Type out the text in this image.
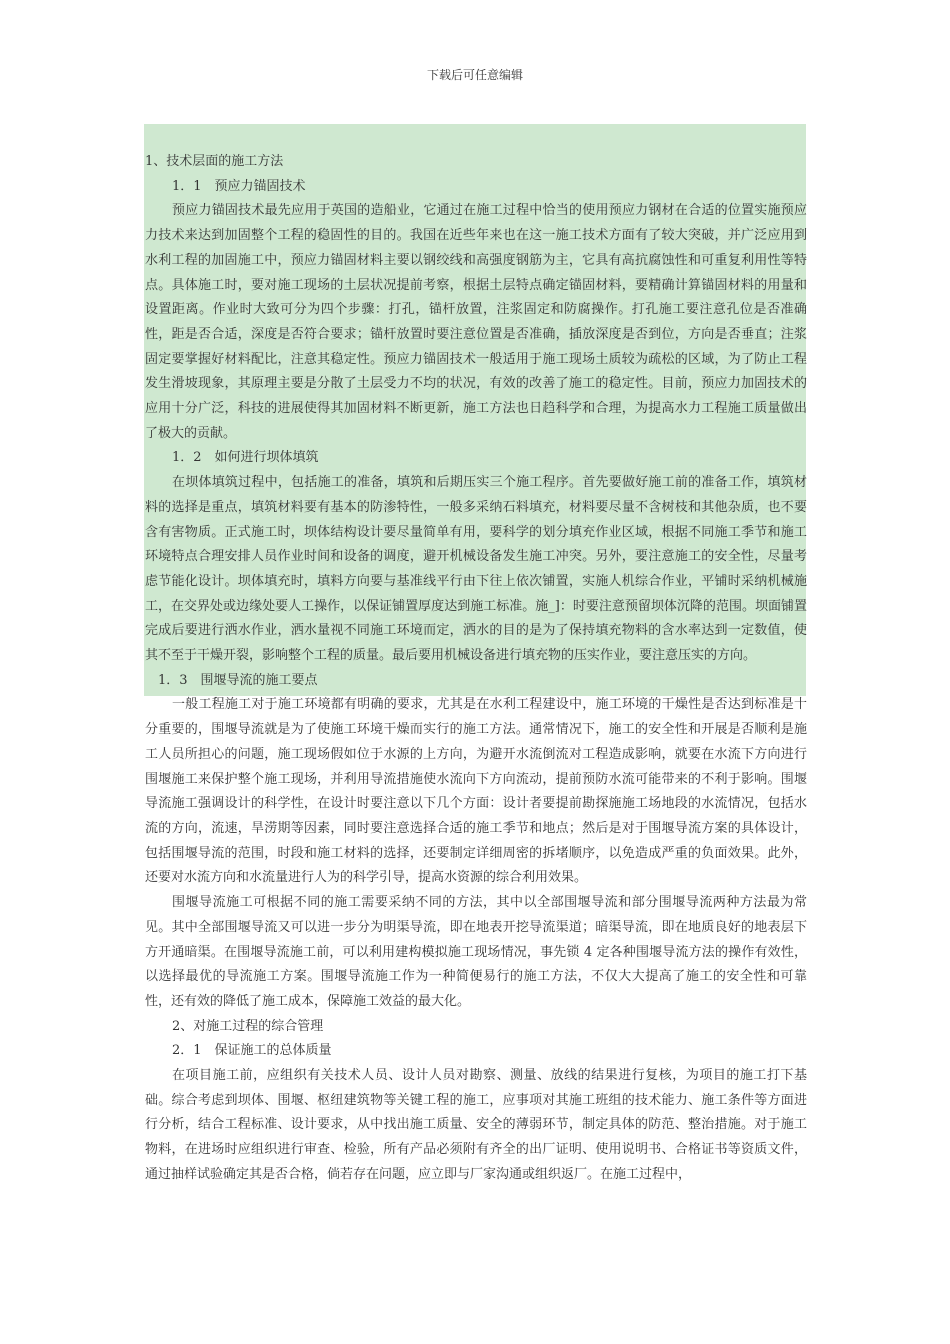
下载后可任意编辑

1、技术层面的施工方法

1．1　预应力锚固技术

预应力锚固技术最先应用于英国的造船业，它通过在施工过程中恰当的使用预应力钢材在合适的位置实施预应力技术来达到加固整个工程的稳固性的目的。我国在近些年来也在这一施工技术方面有了较大突破，并广泛应用到水利工程的加固施工中，预应力锚固材料主要以钢绞线和高强度钢筋为主，它具有高抗腐蚀性和可重复利用性等特点。具体施工时，要对施工现场的土层状况提前考察，根据土层特点确定锚固材料，要精确计算锚固材料的用量和设置距离。作业时大致可分为四个步骤：打孔，锚杆放置，注浆固定和防腐操作。打孔施工要注意孔位是否准确性，距是否合适，深度是否符合要求；锚杆放置时要注意位置是否准确，插放深度是否到位，方向是否垂直；注浆固定要掌握好材料配比，注意其稳定性。预应力锚固技术一般适用于施工现场土质较为疏松的区域，为了防止工程发生滑坡现象，其原理主要是分散了土层受力不均的状况，有效的改善了施工的稳定性。目前，预应力加固技术的应用十分广泛，科技的进展使得其加固材料不断更新，施工方法也日趋科学和合理，为提高水力工程施工质量做出了极大的贡献。

1．2　如何进行坝体填筑

在坝体填筑过程中，包括施工的准备，填筑和后期压实三个施工程序。首先要做好施工前的准备工作，填筑材料的选择是重点，填筑材料要有基本的防渗特性，一般多采纳石料填充，材料要尽量不含树枝和其他杂质，也不要含有害物质。正式施工时，坝体结构设计要尽量简单有用，要科学的划分填充作业区域，根据不同施工季节和施工环境特点合理安排人员作业时间和设备的调度，避开机械设备发生施工冲突。另外，要注意施工的安全性，尽量考虑节能化设计。坝体填充时，填料方向要与基准线平行由下往上依次铺置，实施人机综合作业，平铺时采纳机械施工，在交界处或边缘处要人工操作，以保证铺置厚度达到施工标准。施_]：时要注意预留坝体沉降的范围。坝面铺置完成后要进行洒水作业，洒水量视不同施工环境而定，洒水的目的是为了保持填充物料的含水率达到一定数值，使其不至于干燥开裂，影响整个工程的质量。最后要用机械设备进行填充物的压实作业，要注意压实的方向。

1．3　围堰导流的施工要点

一般工程施工对于施工环境都有明确的要求，尤其是在水利工程建设中，施工环境的干燥性是否达到标准是十分重要的，围堰导流就是为了使施工环境干燥而实行的施工方法。通常情况下，施工的安全性和开展是否顺利是施工人员所担心的问题，施工现场假如位于水源的上方向，为避开水流倒流对工程造成影响，就要在水流下方向进行围堰施工来保护整个施工现场，并利用导流措施使水流向下方向流动，提前预防水流可能带来的不利于影响。围堰导流施工强调设计的科学性，在设计时要注意以下几个方面：设计者要提前勘探施施工场地段的水流情况，包括水流的方向，流速，旱涝期等因素，同时要注意选择合适的施工季节和地点；然后是对于围堰导流方案的具体设计，包括围堰导流的范围，时段和施工材料的选择，还要制定详细周密的拆堵顺序，以免造成严重的负面效果。此外，还要对水流方向和水流量进行人为的科学引导，提高水资源的综合利用效果。

围堰导流施工可根据不同的施工需要采纳不同的方法，其中以全部围堰导流和部分围堰导流两种方法最为常见。其中全部围堰导流又可以进一步分为明渠导流，即在地表开挖导流渠道；暗渠导流，即在地质良好的地表层下方开通暗渠。在围堰导流施工前，可以利用建构模拟施工现场情况，事先锁 4 定各种围堰导流方法的操作有效性，以选择最优的导流施工方案。围堰导流施工作为一种简便易行的施工方法，不仅大大提高了施工的安全性和可靠性，还有效的降低了施工成本，保障施工效益的最大化。

2、对施工过程的综合管理

2．1　保证施工的总体质量

在项目施工前，应组织有关技术人员、设计人员对勘察、测量、放线的结果进行复核，为项目的施工打下基础。综合考虑到坝体、围堰、枢纽建筑物等关键工程的施工，应事项对其施工班组的技术能力、施工条件等方面进行分析，结合工程标准、设计要求，从中找出施工质量、安全的薄弱环节，制定具体的防范、整治措施。对于施工物料，在进场时应组织进行审查、检验，所有产品必须附有齐全的出厂证明、使用说明书、合格证书等资质文件，通过抽样试验确定其是否合格，倘若存在问题，应立即与厂家沟通或组织返厂。在施工过程中，
